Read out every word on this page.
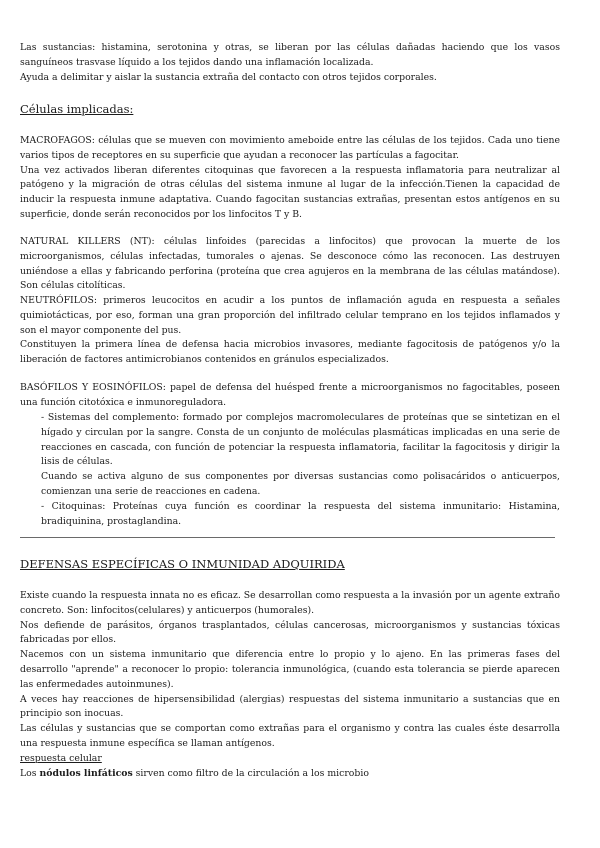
Las sustancias: histamina, serotonina y otras, se liberan por las células dañadas haciendo que los vasos sanguíneos trasvase líquido a los tejidos dando una inflamación localizada.

Ayuda a delimitar y aislar la sustancia extraña del contacto con otros tejidos corporales.

Células implicadas:

MACROFAGOS: células que se mueven con movimiento ameboide entre las células de los tejidos. Cada uno tiene varios tipos de receptores en su superficie que ayudan a reconocer las partículas a fagocitar.

Una vez activados liberan diferentes citoquinas que favorecen a la respuesta inflamatoria para neutralizar al patógeno y la migración de otras células del sistema inmune al lugar de la infección.Tienen la capacidad de inducir la respuesta inmune adaptativa. Cuando fagocitan sustancias extrañas, presentan estos antígenos en su superficie, donde serán reconocidos por los linfocitos T y B.

NATURAL KILLERS (NT): células linfoides (parecidas a linfocitos) que provocan la muerte de los microorganismos, células infectadas, tumorales o ajenas. Se desconoce cómo las reconocen. Las destruyen uniéndose a ellas y fabricando perforina (proteína que crea agujeros en la membrana de las células matándose). Son células citolíticas.

NEUTRÓFILOS: primeros leucocitos en acudir a los puntos de inflamación aguda en respuesta a señales quimiotácticas, por eso, forman una gran proporción del infiltrado celular temprano en los tejidos inflamados y son el mayor componente del pus.

Constituyen la primera línea de defensa hacia microbios invasores, mediante fagocitosis de patógenos y/o la liberación de factores antimicrobianos contenidos en gránulos especializados.

BASÓFILOS Y EOSINÓFILOS: papel de defensa del huésped frente a microorganismos no fagocitables, poseen una función citotóxica e inmunoreguladora.

- Sistemas del complemento: formado por complejos macromoleculares de proteínas que se sintetizan en el hígado y circulan por la sangre. Consta de un conjunto de moléculas plasmáticas implicadas en una serie de reacciones en cascada, con función de potenciar la respuesta inflamatoria, facilitar la fagocitosis y dirigir la lisis de células.

Cuando se activa alguno de sus componentes por diversas sustancias como polisacáridos o anticuerpos, comienzan una serie de reacciones en cadena.

- Citoquinas: Proteínas cuya función es coordinar la respuesta del sistema inmunitario: Histamina, bradiquinina, prostaglandina.

DEFENSAS ESPECÍFICAS O INMUNIDAD ADQUIRIDA

Existe cuando la respuesta innata no es eficaz. Se desarrollan como respuesta a la invasión por un agente extraño concreto. Son: linfocitos(celulares) y anticuerpos (humorales).

Nos defiende de parásitos, órganos trasplantados, células cancerosas, microorganismos y sustancias tóxicas fabricadas por ellos.

Nacemos con un sistema inmunitario que diferencia entre lo propio y lo ajeno. En las primeras fases del desarrollo "aprende" a reconocer lo propio: tolerancia inmunológica, (cuando esta tolerancia se pierde aparecen las enfermedades autoinmunes).

A veces hay reacciones de hipersensibilidad (alergias) respuestas del sistema inmunitario a sustancias que en principio son inocuas.

Las células y sustancias que se comportan como extrañas para el organismo y contra las cuales éste desarrolla una respuesta inmune específica se llaman antígenos.

respuesta celular

Los nódulos linfáticos sirven como filtro de la circulación a los microbio
